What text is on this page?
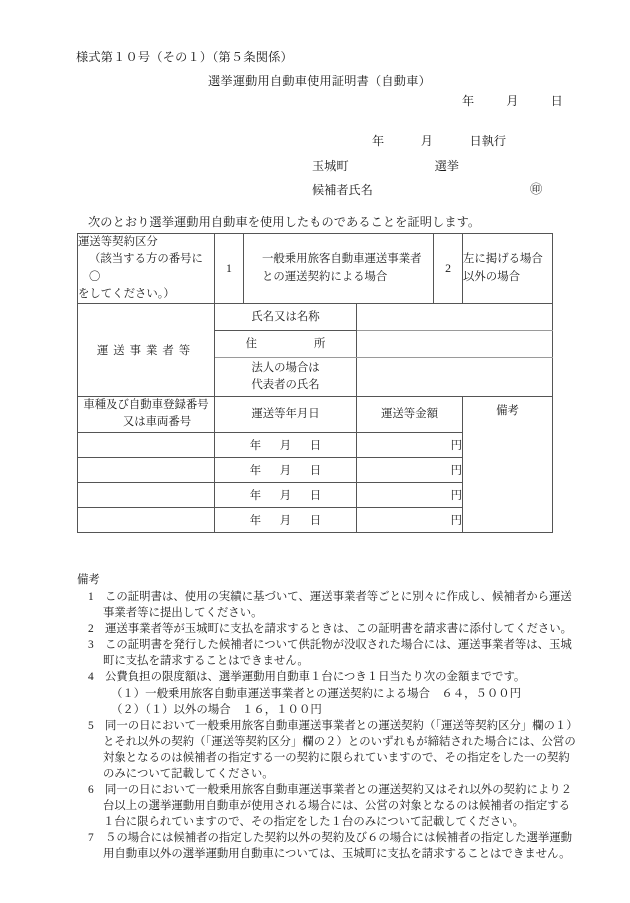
様式第１０号（その１）（第５条関係）
選挙運動用自動車使用証明書（自動車）
年	月	日
年　　　月　　　日執行
玉城町	選挙
候補者氏名	㊞
次のとおり選挙運動用自動車を使用したものであることを証明します。
運送等契約区分
（該当する方の番号に〇
をしてください。）
	1	
一般乗用旅客自動車運送事業者
との運送契約による場合
	2	
左に掲げる場合
以外の場合

運送事業者等	氏名又は名称				
	住　　　　　所				

	法人の場合は
代表者の氏名				

車種及び自動車登録番号
又は車両番号	運送等年月日		運送等金額		備考
	年 月 日		円		
	年 月 日		円		
	年 月 日		円		
	年 月 日		円		
備考
1 この証明書は、使用の実績に基づいて、運送事業者等ごとに別々に作成し、候補者から運送事業者等に提出してください。
2 運送事業者等が玉城町に支払を請求するときは、この証明書を請求書に添付してください。
3 この証明書を発行した候補者について供託物が没収された場合には、運送事業者等は、玉城町に支払を請求することはできません。
4 公費負担の限度額は、選挙運動用自動車１台につき１日当たり次の金額までです。
（１）一般乗用旅客自動車運送事業者との運送契約による場合　６４，５００円
（２）（１）以外の場合　１６，１００円
5 同一の日において一般乗用旅客自動車運送事業者との運送契約（「運送等契約区分」欄の１）とそれ以外の契約（「運送等契約区分」欄の２）とのいずれもが締結された場合には、公営の対象となるのは候補者の指定する一の契約に限られていますので、その指定をした一の契約のみについて記載してください。
6 同一の日において一般乗用旅客自動車運送事業者との運送契約又はそれ以外の契約により２台以上の選挙運動用自動車が使用される場合には、公営の対象となるのは候補者の指定する１台に限られていますので、その指定をした１台のみについて記載してください。
7 ５の場合には候補者の指定した契約以外の契約及び６の場合には候補者の指定した選挙運動用自動車以外の選挙運動用自動車については、玉城町に支払を請求することはできません。
